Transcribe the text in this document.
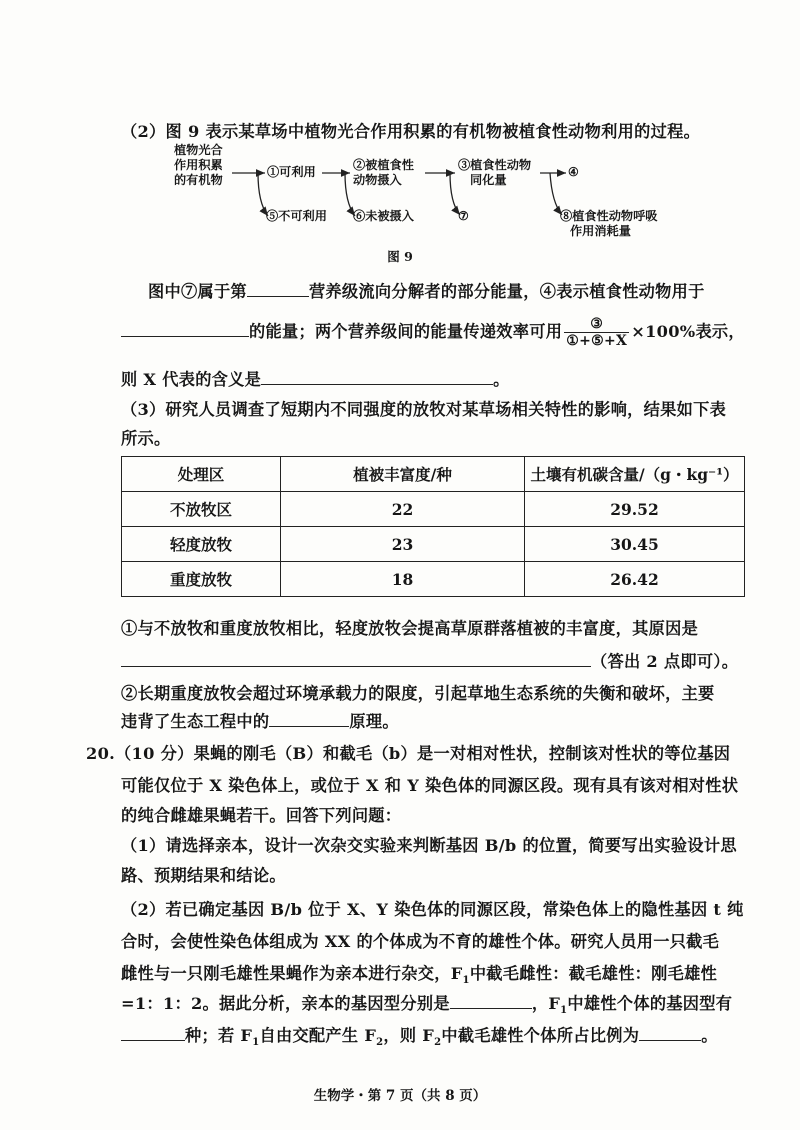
（2）图 9 表示某草场中植物光合作用积累的有机物被植食性动物利用的过程。
植物光合
作用积累
的有机物
①可利用	②被植食性
动物摄入
③植食性动物
同化量
④
⑤不可利用 ⑥未被摄入	⑦	⑧植食性动物呼吸
作用消耗量
图 9
图中⑦属于第	营养级流向分解者的部分能量，④表示植食性动物用于
的能量；两个营养级间的能量传递效率可用 $\frac{\text{③}}{\text{①+⑤+X}} \times 100\%$表示，
则 X 代表的含义是	。
（3）研究人员调查了短期内不同强度的放牧对某草场相关特性的影响，结果如下表
所示。
处理区	植被丰富度/种	土壤有机碳含量/（g・kg⁻¹）
不放牧区	22	29.52
轻度放牧	23	30.45
重度放牧	18	26.42
①与不放牧和重度放牧相比，轻度放牧会提高草原群落植被的丰富度，其原因是
（答出 2 点即可）。
②长期重度放牧会超过环境承载力的限度，引起草地生态系统的失衡和破坏，主要
违背了生态工程中的	原理。
20.（10 分）果蝇的刚毛（B）和截毛（b）是一对相对性状，控制该对性状的等位基因
可能仅位于 X 染色体上，或位于 X 和 Y 染色体的同源区段。现有具有该对相对性状
的纯合雌雄果蝇若干。回答下列问题：
（1）请选择亲本，设计一次杂交实验来判断基因 B/b 的位置，简要写出实验设计思
路、预期结果和结论。
（2）若已确定基因 B/b 位于 X、Y 染色体的同源区段，常染色体上的隐性基因 t 纯
合时，会使性染色体组成为 XX 的个体成为不育的雄性个体。研究人员用一只截毛
雌性与一只刚毛雄性果蝇作为亲本进行杂交，$F_1$中截毛雌性：截毛雄性：刚毛雄性
=1：1：2。据此分析，亲本的基因型分别是	，$F_1$中雄性个体的基因型有
种；若 $F_1$自由交配产生 $F_2$，则 $F_2$中截毛雄性个体所占比例为	。
生物学・第 7 页（共 8 页）
